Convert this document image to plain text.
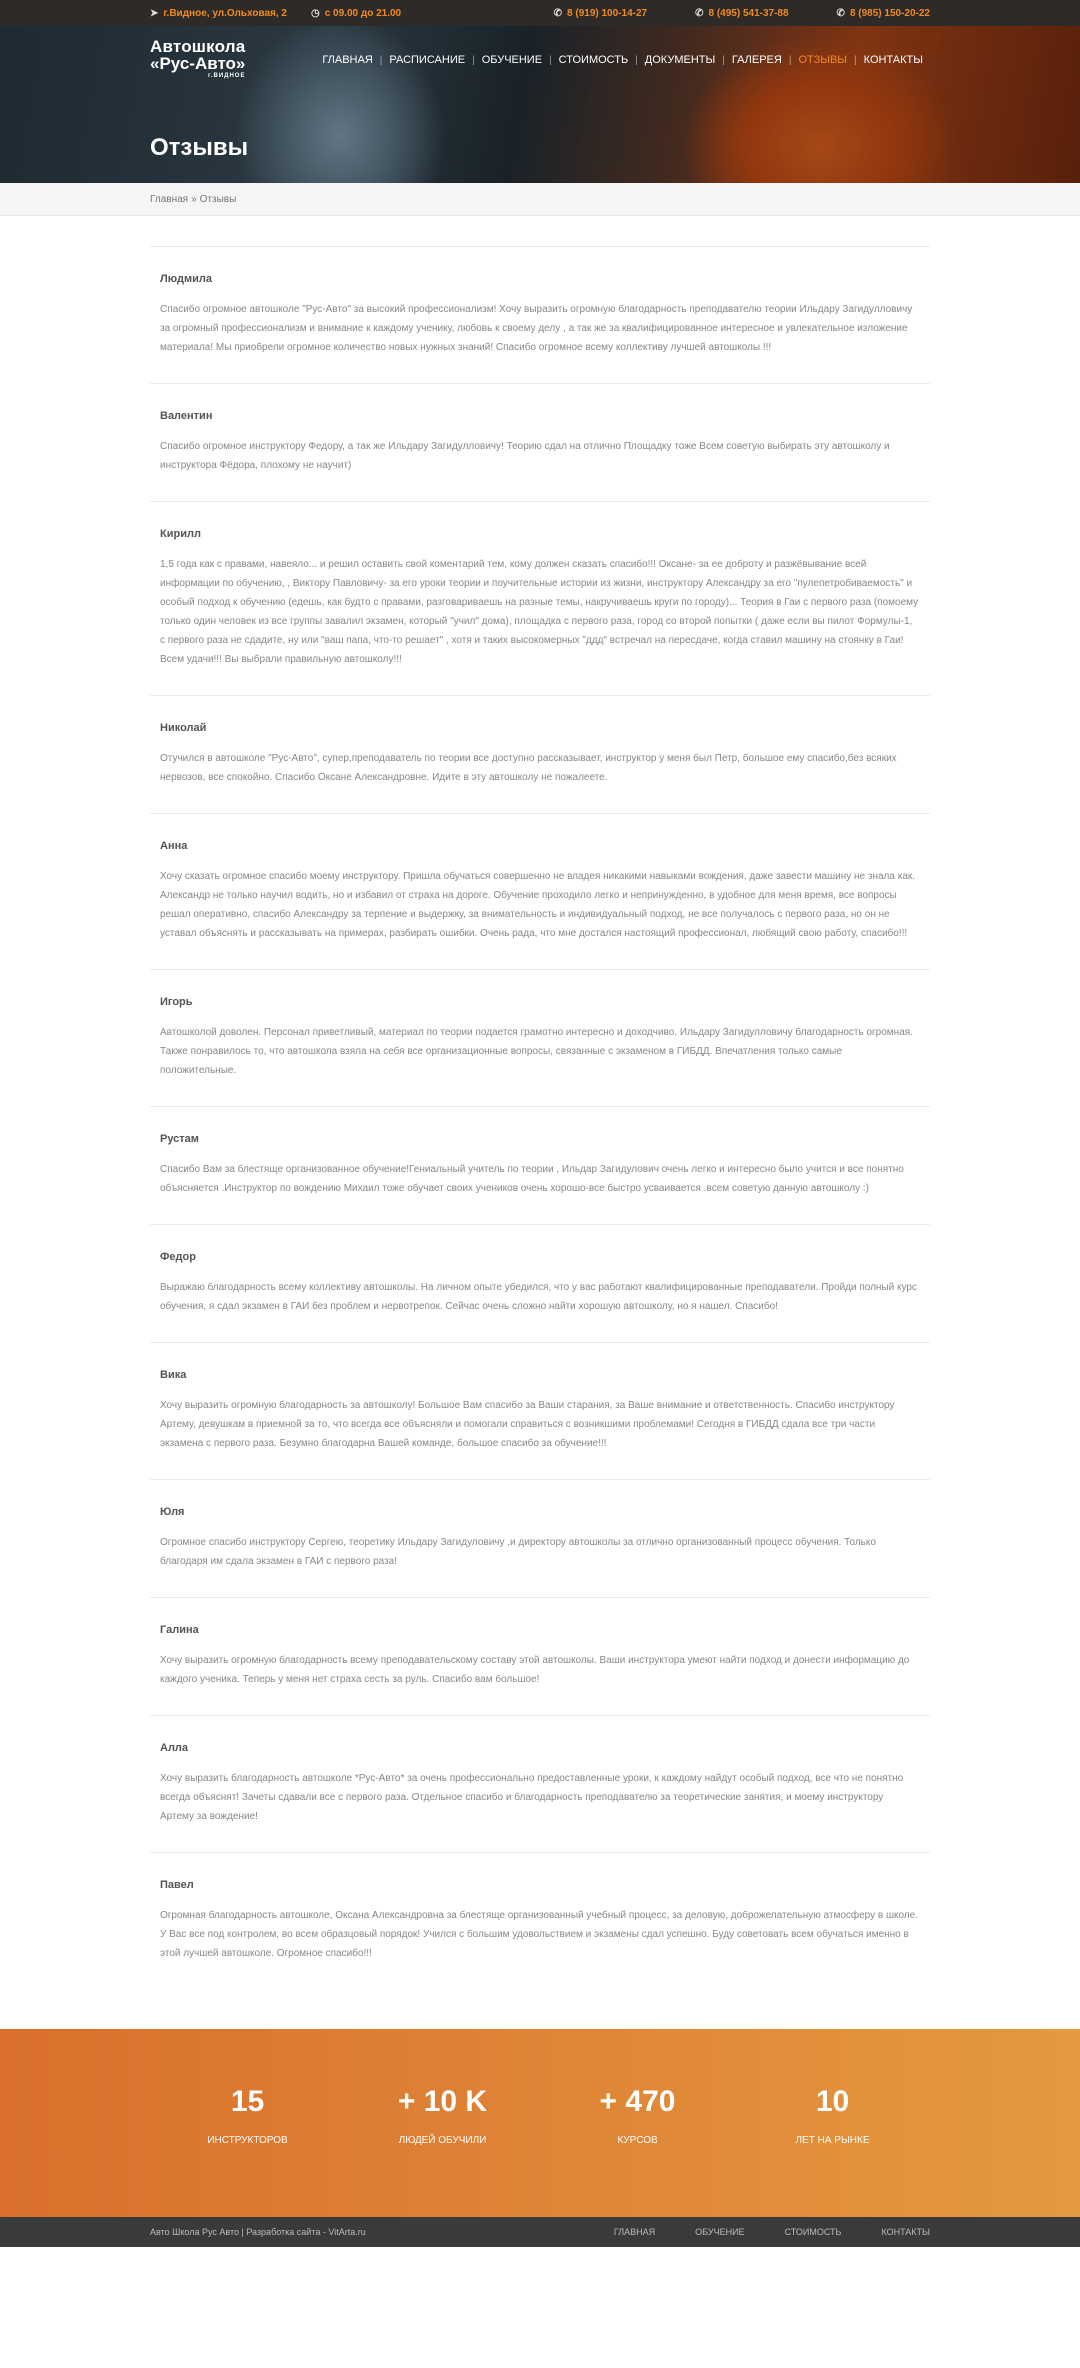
➤ г.Видное, ул.Ольховая, 2 ◷ с 09.00 до 21.00	✆ 8 (919) 100-14-27	✆ 8 (495) 541-37-88	✆ 8 (985) 150-20-22
Автошкола
«Рус-Авто»
г.ВИДНОЕ
ГЛАВНАЯ | РАСПИСАНИЕ | ОБУЧЕНИЕ | СТОИМОСТЬ | ДОКУМЕНТЫ | ГАЛЕРЕЯ | ОТЗЫВЫ | КОНТАКТЫ
Отзывы
Главная » Отзывы
Людмила
Спасибо огромное автошколе "Рус-Авто" за высокий профессионализм! Хочу выразить огромную благодарность преподавателю теории Ильдару Загидулловичу за огромный профессионализм и внимание к каждому ученику, любовь к своему делу , а так же за квалифицированное интересное и увлекательное изложение материала! Мы приобрели огромное количество новых нужных знаний! Спасибо огромное всему коллективу лучшей автошколы !!!
Валентин
Спасибо огромное инструктору Федору, а так же Ильдару Загидулловичу! Теорию сдал на отлично Площадку тоже Всем советую выбирать эту автошколу и инструктора Фёдора, плохому не научит)
Кирилл
1,5 года как с правами, навеяло... и решил оставить свой коментарий тем, кому должен сказать спасибо!!! Оксане- за ее доброту и разжёвывание всей информации по обучению, , Виктору Павловичу- за его уроки теории и поучительные истории из жизни, инструктору Александру за его "пулепетробиваемость" и особый подход к обучению (едешь, как будто с правами, разговариваешь на разные темы, накручиваешь круги по городу)... Теория в Гаи с первого раза (помоему только один человек из все группы завалил экзамен, который "учил" дома), площадка с первого раза, город со второй попытки ( даже если вы пилот Формулы-1, с первого раза не сдадите, ну или "ваш папа, что-то решает" , хотя и таких высокомерных "ддд" встречал на пересдаче, когда ставил машину на стоянку в Гаи! Всем удачи!!! Вы выбрали правильную автошколу!!!
Николай
Отучился в автошколе "Рус-Авто", супер,преподаватель по теории все доступно рассказывает, инструктор у меня был Петр, большое ему спасибо,без всяких нервозов, все спокойно. Спасибо Оксане Александровне. Идите в эту автошколу не пожалеете.
Анна
Хочу сказать огромное спасибо моему инструктору. Пришла обучаться совершенно не владея никакими навыками вождения, даже завести машину не знала как. Александр не только научил водить, но и избавил от страха на дороге. Обучение проходило легко и непринужденно, в удобное для меня время, все вопросы решал оперативно, спасибо Александру за терпение и выдержку, за внимательность и индивидуальный подход, не все получалось с первого раза, но он не уставал объяснять и рассказывать на примерах, разбирать ошибки. Очень рада, что мне достался настоящий профессионал, любящий свою работу, спасибо!!!
Игорь
Автошколой доволен. Персонал приветливый, материал по теории подается грамотно интересно и доходчиво. Ильдару Загидулловичу благодарность огромная. Также понравилось то, что автошкола взяла на себя все организационные вопросы, связанные с экзаменом в ГИБДД. Впечатления только самые положительные.
Рустам
Спасибо Вам за блестяще организованное обучение!Гениальный учитель по теории , Ильдар Загидулович очень легко и интересно было учится и все понятно объясняется .Инструктор по вождению Михаил тоже обучает своих учеников очень хорошо-все быстро усваивается .всем советую данную автошколу :)
Федор
Выражаю благодарность всему коллективу автошколы. На личном опыте убедился, что у вас работают квалифицированные преподаватели. Пройди полный курс обучения, я сдал экзамен в ГАИ без проблем и нервотрепок. Сейчас очень сложно найти хорошую автошколу, но я нашел. Спасибо!
Вика
Хочу выразить огромную благодарность за автошколу! Большое Вам спасибо за Ваши старания, за Ваше внимание и ответственность. Спасибо инструктору Артему, девушкам в приемной за то, что всегда все объясняли и помогали справиться с возникшими проблемами! Сегодня в ГИБДД сдала все три части экзамена с первого раза. Безумно благодарна Вашей команде, большое спасибо за обучение!!!
Юля
Огромное спасибо инструктору Сергею, теоретику Ильдару Загидуловичу ,и директору автошколы за отлично организованный процесс обучения. Только благодаря им сдала экзамен в ГАИ с первого раза!
Галина
Хочу выразить огромную благодарность всему преподавательскому составу этой автошколы. Ваши инструктора умеют найти подход и донести информацию до каждого ученика. Теперь у меня нет страха сесть за руль. Спасибо вам большое!
Алла
Хочу выразить благодарность автошколе *Рус-Авто* за очень профессионально предоставленные уроки, к каждому найдут особый подход, все что не понятно всегда объяснят! Зачеты сдавали все с первого раза. Отдельное спасибо и благодарность преподавателю за теоретические занятия, и моему инструктору Артему за вождение!
Павел
Огромная благодарность автошколе, Оксана Александровна за блестяще организованный учебный процесс, за деловую, доброжелательную атмосферу в школе. У Вас все под контролем, во всем образцовый порядок! Учился с большим удовольствием и экзамены сдал успешно. Буду советовать всем обучаться именно в этой лучшей автошколе. Огромное спасибо!!!
15
ИНСТРУКТОРОВ
+ 10 K
ЛЮДЕЙ ОБУЧИЛИ
+ 470
КУРСОВ
10
ЛЕТ НА РЫНКЕ
Авто Школа Рус Авто | Разработка сайта - VitArta.ru	ГЛАВНАЯ	ОБУЧЕНИЕ	СТОИМОСТЬ	КОНТАКТЫ
